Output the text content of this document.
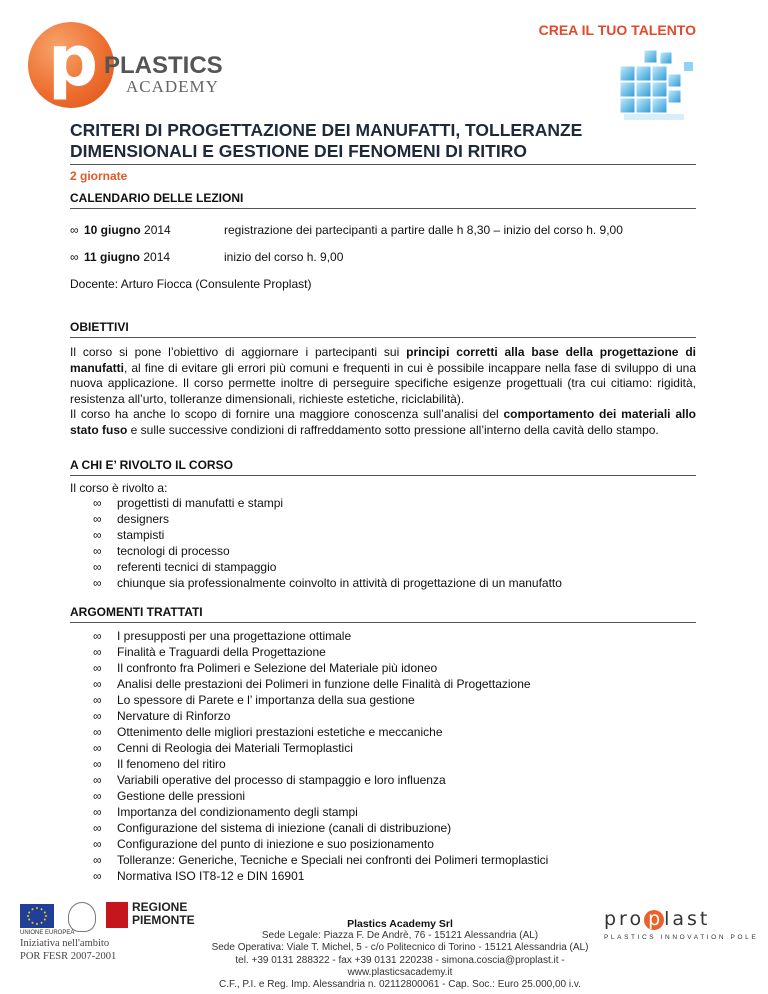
p PLASTICS
ACADEMY
CREA IL TUO TALENTO
CRITERI DI PROGETTAZIONE DEI MANUFATTI, TOLLERANZE DIMENSIONALI E GESTIONE DEI FENOMENI DI RITIRO
2 giornate
CALENDARIO DELLE LEZIONI
∞ 10 giugno 2014	registrazione dei partecipanti a partire dalle h 8,30 – inizio del corso h. 9,00
∞ 11 giugno 2014	inizio del corso h. 9,00
Docente: Arturo Fiocca (Consulente Proplast)
OBIETTIVI
Il corso si pone l’obiettivo di aggiornare i partecipanti sui principi corretti alla base della progettazione di manufatti, al fine di evitare gli errori più comuni e frequenti in cui è possibile incappare nella fase di sviluppo di una nuova applicazione. Il corso permette inoltre di perseguire specifiche esigenze progettuali (tra cui citiamo: rigidità, resistenza all’urto, tolleranze dimensionali, richieste estetiche, riciclabilità).
Il corso ha anche lo scopo di fornire una maggiore conoscenza sull’analisi del comportamento dei materiali allo stato fuso e sulle successive condizioni di raffreddamento sotto pressione all’interno della cavità dello stampo.
A CHI E’ RIVOLTO IL CORSO
Il corso è rivolto a:
∞ progettisti di manufatti e stampi
∞ designers
∞ stampisti
∞ tecnologi di processo
∞ referenti tecnici di stampaggio
∞ chiunque sia professionalmente coinvolto in attività di progettazione di un manufatto
ARGOMENTI TRATTATI
∞ I presupposti per una progettazione ottimale
∞ Finalità e Traguardi della Progettazione
∞ Il confronto fra Polimeri e Selezione del Materiale più idoneo
∞ Analisi delle prestazioni dei Polimeri in funzione delle Finalità di Progettazione
∞ Lo spessore di Parete e l’ importanza della sua gestione
∞ Nervature di Rinforzo
∞ Ottenimento delle migliori prestazioni estetiche e meccaniche
∞ Cenni di Reologia dei Materiali Termoplastici
∞ Il fenomeno del ritiro
∞ Variabili operative del processo di stampaggio e loro influenza
∞ Gestione delle pressioni
∞ Importanza del condizionamento degli stampi
∞ Configurazione del sistema di iniezione (canali di distribuzione)
∞ Configurazione del punto di iniezione e suo posizionamento
∞ Tolleranze: Generiche, Tecniche e Speciali nei confronti dei Polimeri termoplastici
∞ Normativa ISO IT8-12 e DIN 16901
REGIONE
PIEMONTE
UNIONE EUROPEA
Iniziativa nell'ambito
POR FESR 2007-2001
Plastics Academy Srl
Sede Legale: Piazza F. De Andrè, 76 - 15121 Alessandria (AL)
Sede Operativa: Viale T. Michel, 5 - c/o Politecnico di Torino - 15121 Alessandria (AL)
tel. +39 0131 288322 - fax +39 0131 220238 - simona.coscia@proplast.it - www.plasticsacademy.it
C.F., P.I. e Reg. Imp. Alessandria n. 02112800061 - Cap. Soc.: Euro 25.000,00 i.v.
pro p last
PLASTICS INNOVATION POLE
